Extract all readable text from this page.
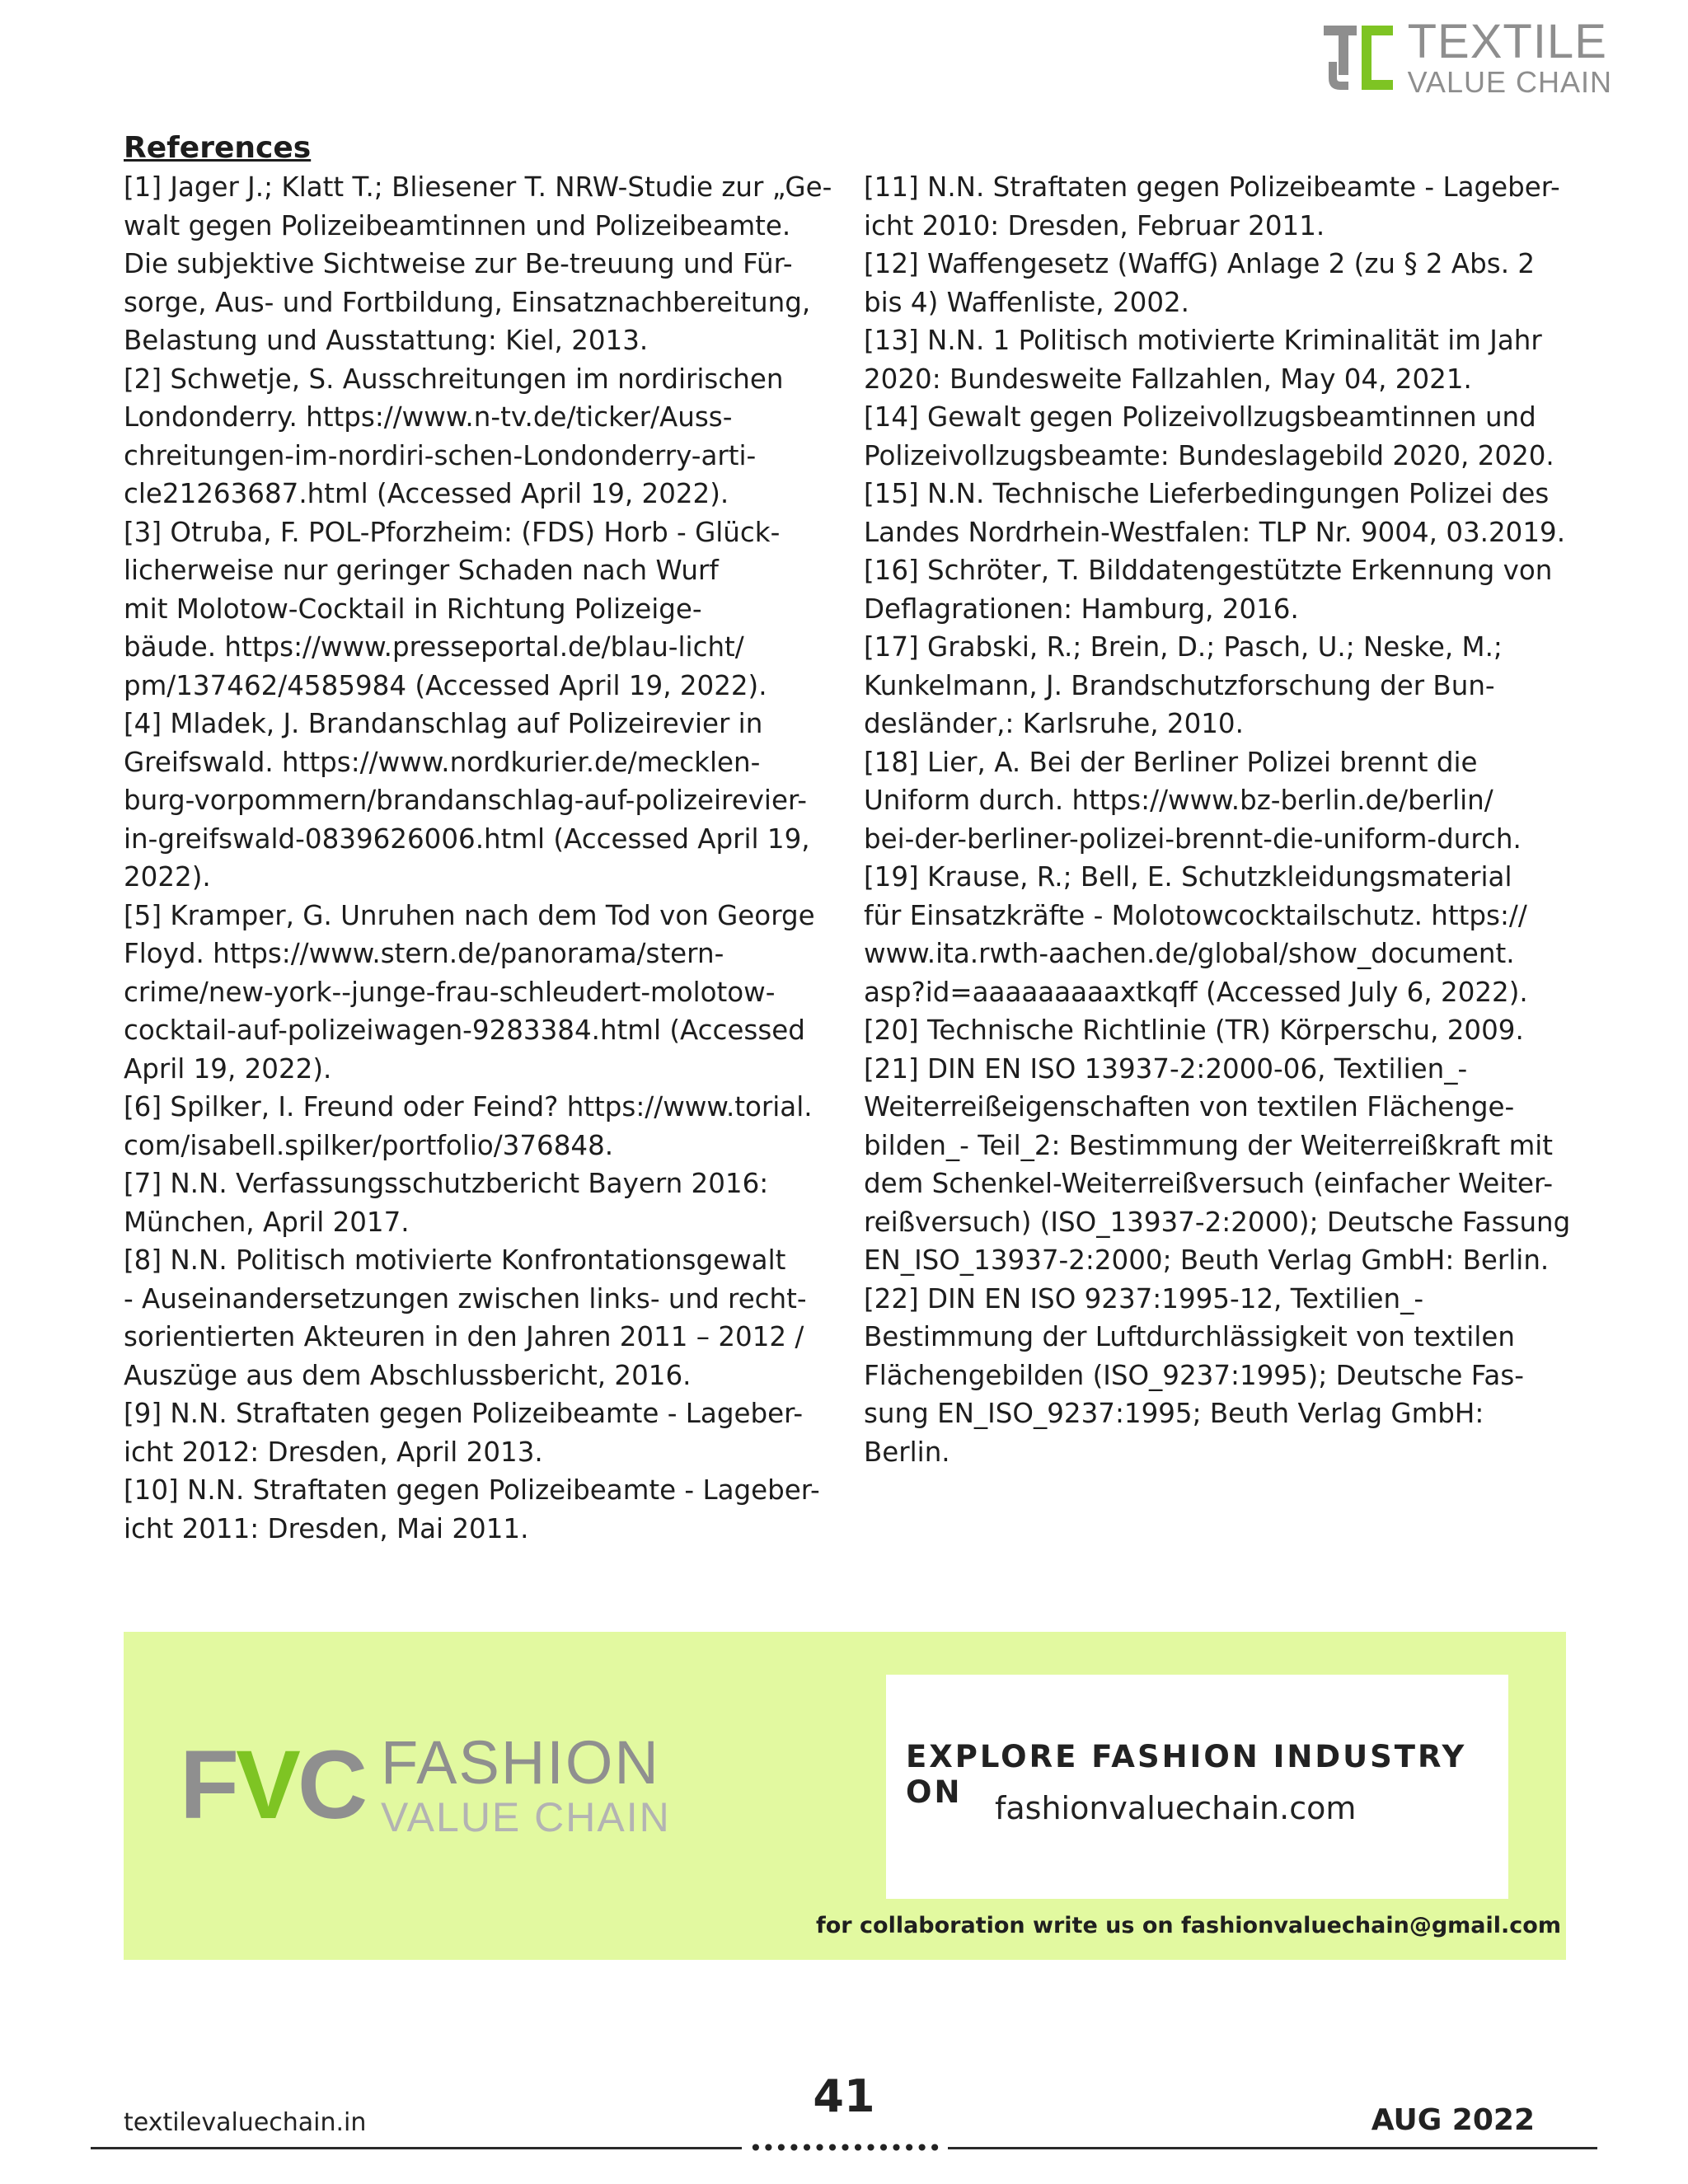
TEXTILE
VALUE CHAIN
References

[1] Jager J.; Klatt T.; Bliesener T. NRW-Studie zur „Ge-
walt gegen Polizeibeamtinnen und Polizeibeamte.
Die subjektive Sichtweise zur Be-treuung und Für-
sorge, Aus- und Fortbildung, Einsatznachbereitung,
Belastung und Ausstattung: Kiel, 2013.

[2] Schwetje, S. Ausschreitungen im nordirischen
Londonderry. https://www.n-tv.de/ticker/Auss-
chreitungen-im-nordiri-schen-Londonderry-arti-
cle21263687.html (Accessed April 19, 2022).

[3] Otruba, F. POL-Pforzheim: (FDS) Horb - Glück-
licherweise nur geringer Schaden nach Wurf
mit Molotow-Cocktail in Richtung Polizeige-
bäude. https://www.presseportal.de/blau-licht/
pm/137462/4585984 (Accessed April 19, 2022).

[4] Mladek, J. Brandanschlag auf Polizeirevier in
Greifswald. https://www.nordkurier.de/mecklen-
burg-vorpommern/brandanschlag-auf-polizeirevier-
in-greifswald-0839626006.html (Accessed April 19,
2022).

[5] Kramper, G. Unruhen nach dem Tod von George
Floyd. https://www.stern.de/panorama/stern-
crime/new-york--junge-frau-schleudert-molotow-
cocktail-auf-polizeiwagen-9283384.html (Accessed
April 19, 2022).

[6] Spilker, I. Freund oder Feind? https://www.torial.
com/isabell.spilker/portfolio/376848.

[7] N.N. Verfassungsschutzbericht Bayern 2016:
München, April 2017.

[8] N.N. Politisch motivierte Konfrontationsgewalt
- Auseinandersetzungen zwischen links- und recht-
sorientierten Akteuren in den Jahren 2011 – 2012 /
Auszüge aus dem Abschlussbericht, 2016.

[9] N.N. Straftaten gegen Polizeibeamte - Lageber-
icht 2012: Dresden, April 2013.

[10] N.N. Straftaten gegen Polizeibeamte - Lageber-
icht 2011: Dresden, Mai 2011.

[11] N.N. Straftaten gegen Polizeibeamte - Lageber-
icht 2010: Dresden, Februar 2011.

[12] Waffengesetz (WaffG) Anlage 2 (zu § 2 Abs. 2
bis 4) Waffenliste, 2002.

[13] N.N. 1 Politisch motivierte Kriminalität im Jahr
2020: Bundesweite Fallzahlen, May 04, 2021.

[14] Gewalt gegen Polizeivollzugsbeamtinnen und
Polizeivollzugsbeamte: Bundeslagebild 2020, 2020.

[15] N.N. Technische Lieferbedingungen Polizei des
Landes Nordrhein-Westfalen: TLP Nr. 9004, 03.2019.

[16] Schröter, T. Bilddatengestützte Erkennung von
Deflagrationen: Hamburg, 2016.

[17] Grabski, R.; Brein, D.; Pasch, U.; Neske, M.;
Kunkelmann, J. Brandschutzforschung der Bun-
desländer,: Karlsruhe, 2010.

[18] Lier, A. Bei der Berliner Polizei brennt die
Uniform durch. https://www.bz-berlin.de/berlin/
bei-der-berliner-polizei-brennt-die-uniform-durch.

[19] Krause, R.; Bell, E. Schutzkleidungsmaterial
für Einsatzkräfte - Molotowcocktailschutz. https://
www.ita.rwth-aachen.de/global/show_document.
asp?id=aaaaaaaaaxtkqff (Accessed July 6, 2022).

[20] Technische Richtlinie (TR) Körperschu, 2009.

[21] DIN EN ISO 13937-2:2000-06, Textilien_-
Weiterreißeigenschaften von textilen Flächenge-
bilden_- Teil_2: Bestimmung der Weiterreißkraft mit
dem Schenkel-Weiterreißversuch (einfacher Weiter-
reißversuch) (ISO_13937-2:2000); Deutsche Fassung
EN_ISO_13937-2:2000; Beuth Verlag GmbH: Berlin.

[22] DIN EN ISO 9237:1995-12, Textilien_-
Bestimmung der Luftdurchlässigkeit von textilen
Flächengebilden (ISO_9237:1995); Deutsche Fas-
sung EN_ISO_9237:1995; Beuth Verlag GmbH:
Berlin.

FVC FASHION
VALUE CHAIN
EXPLORE FASHION INDUSTRY ON	fashionvaluechain.com
for collaboration write us on fashionvaluechain@gmail.com
41
textilevaluechain.in	AUG 2022
•••••••••••••••
